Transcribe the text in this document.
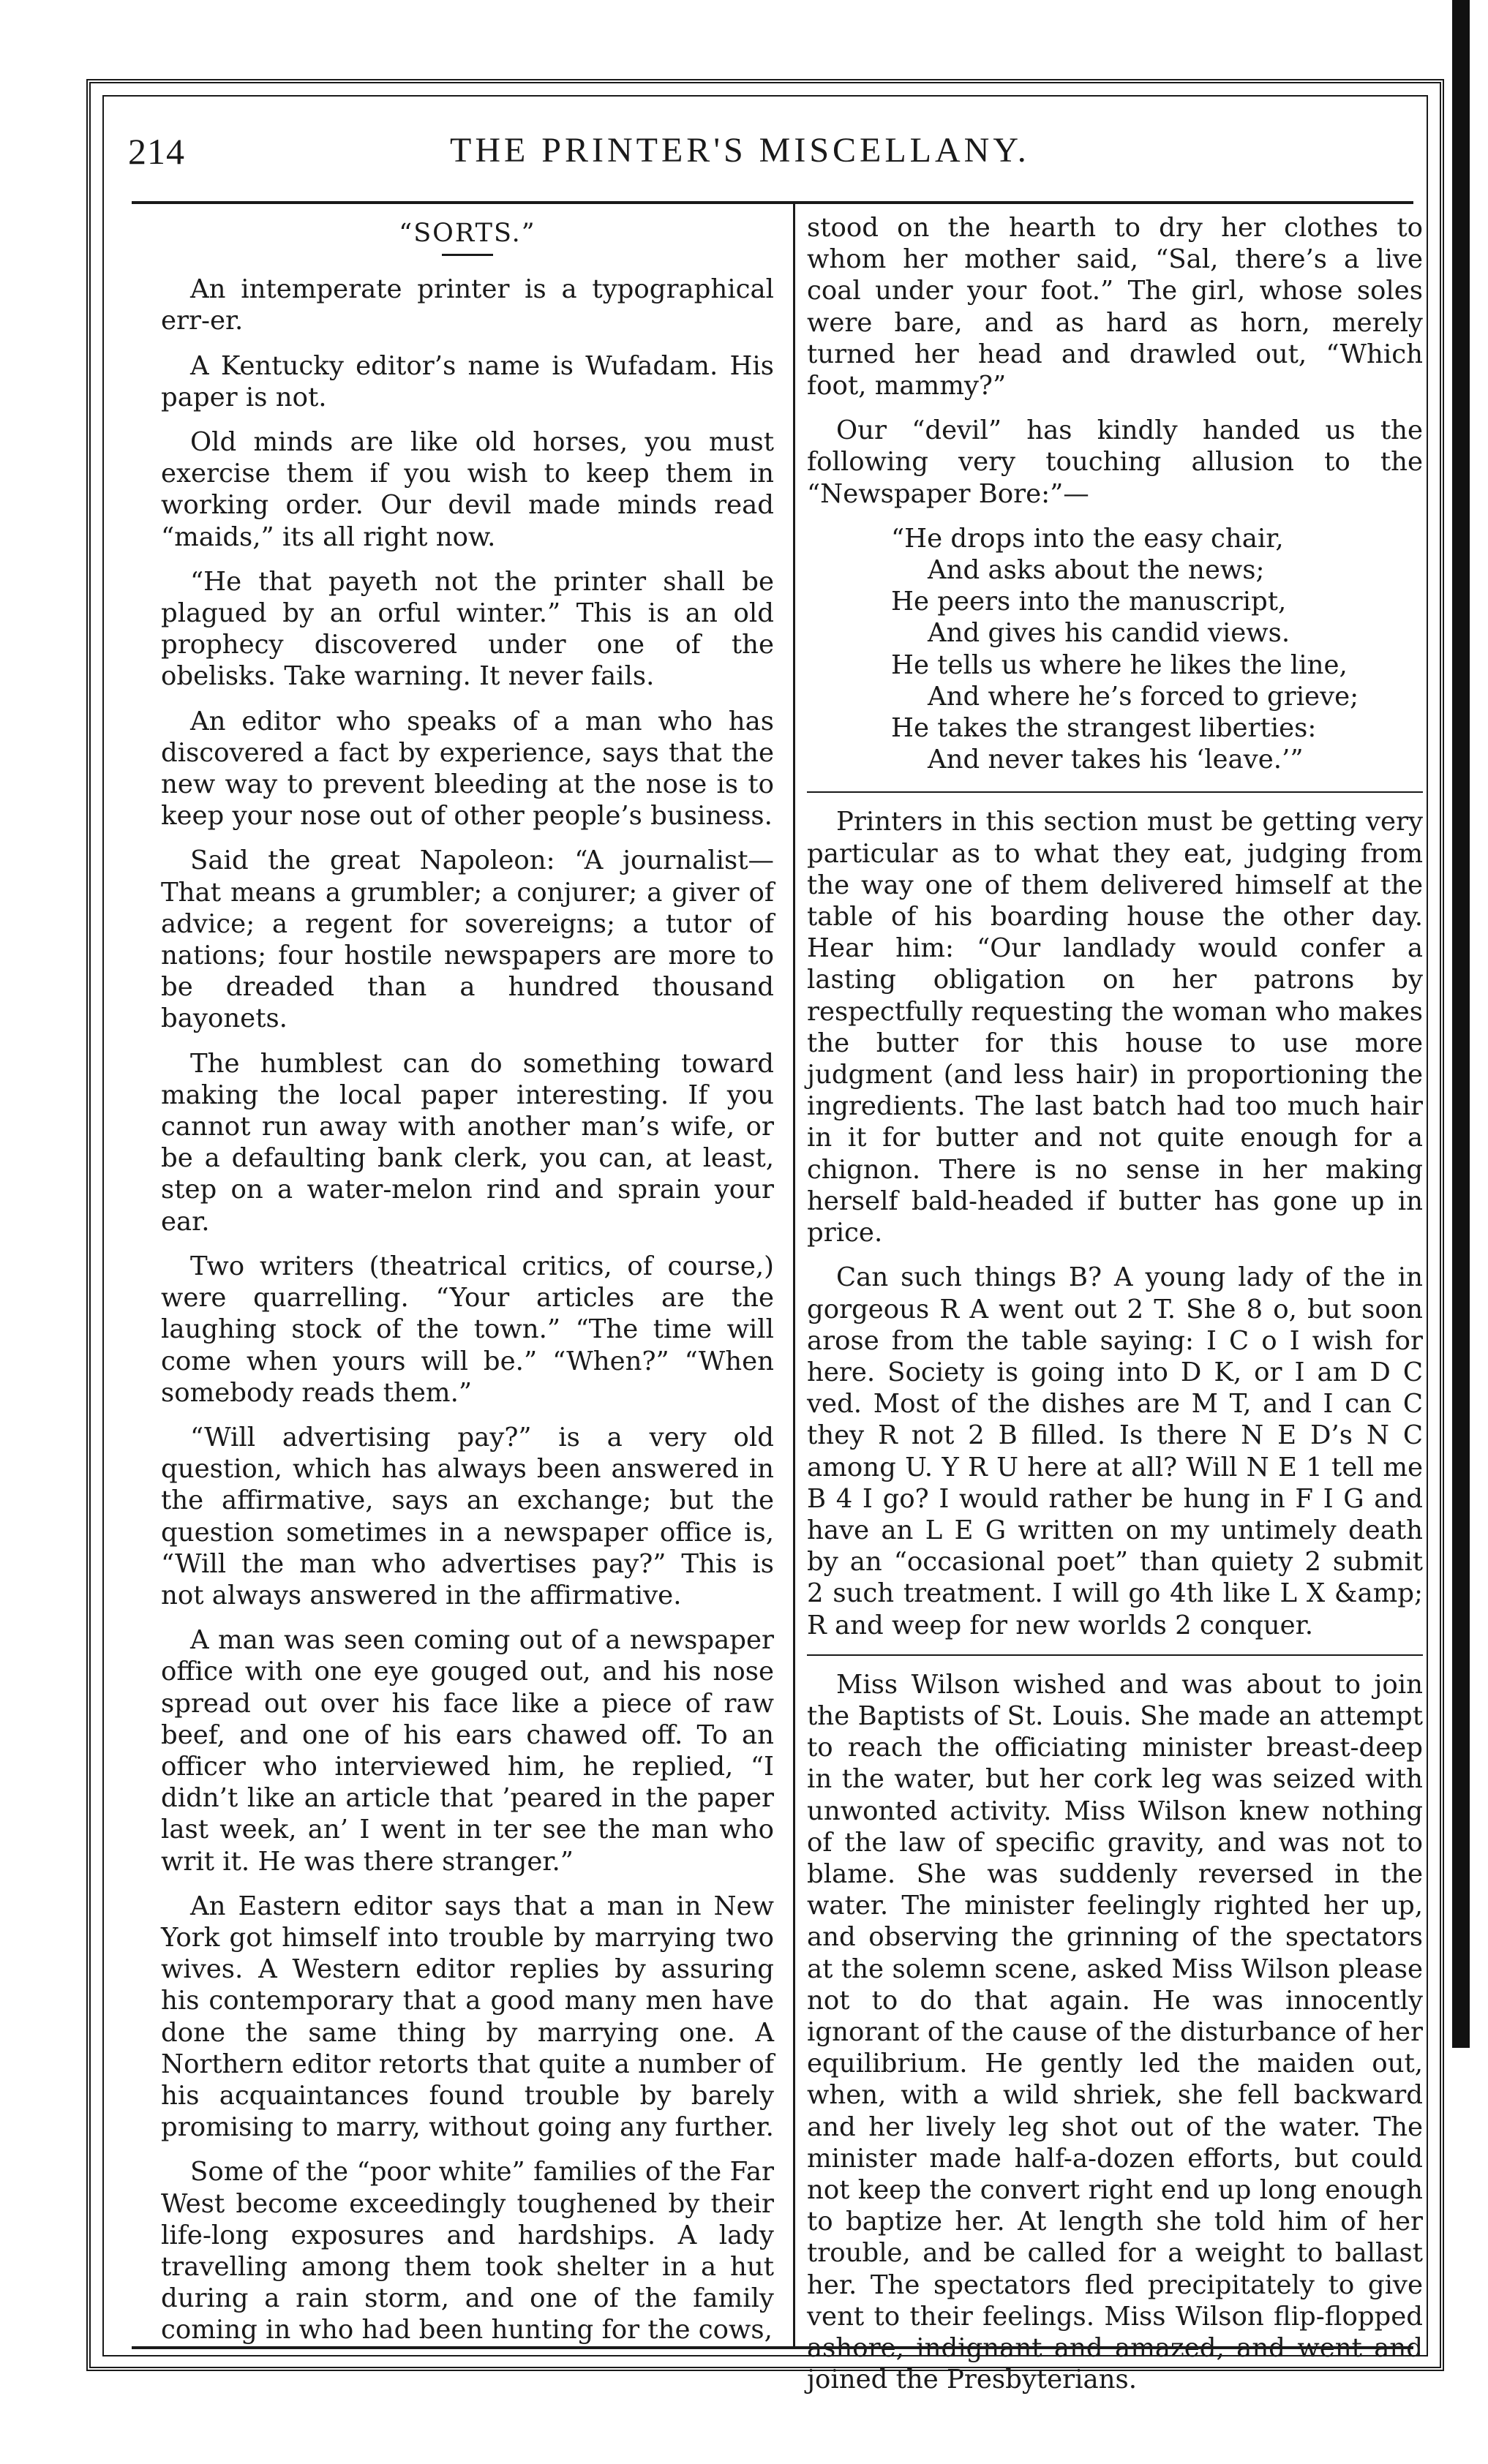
214	THE PRINTER'S MISCELLANY.
“SORTS.”

An intemperate printer is a typographical err-er.

A Kentucky editor’s name is Wufadam. His paper is not.

Old minds are like old horses, you must exercise them if you wish to keep them in working order. Our devil made minds read “maids,” its all right now.

“He that payeth not the printer shall be plagued by an orful winter.” This is an old prophecy discovered under one of the obelisks. Take warning. It never fails.

An editor who speaks of a man who has discovered a fact by experience, says that the new way to prevent bleeding at the nose is to keep your nose out of other people’s business.

Said the great Napoleon: “A journalist—That means a grumbler; a conjurer; a giver of advice; a regent for sovereigns; a tutor of nations; four hostile newspapers are more to be dreaded than a hundred thousand bayonets.

The humblest can do something toward making the local paper interesting. If you cannot run away with another man’s wife, or be a defaulting bank clerk, you can, at least, step on a water-melon rind and sprain your ear.

Two writers (theatrical critics, of course,) were quarrelling. “Your articles are the laughing stock of the town.” “The time will come when yours will be.” “When?” “When somebody reads them.”

“Will advertising pay?” is a very old question, which has always been answered in the affirmative, says an exchange; but the question sometimes in a newspaper office is, “Will the man who advertises pay?” This is not always answered in the affirmative.

A man was seen coming out of a newspaper office with one eye gouged out, and his nose spread out over his face like a piece of raw beef, and one of his ears chawed off. To an officer who interviewed him, he replied, “I didn’t like an article that ’peared in the paper last week, an’ I went in ter see the man who writ it. He was there stranger.”

An Eastern editor says that a man in New York got himself into trouble by marrying two wives. A Western editor replies by assuring his contemporary that a good many men have done the same thing by marrying one. A Northern editor retorts that quite a number of his acquaintances found trouble by barely promising to marry, without going any further.

Some of the “poor white” families of the Far West become exceedingly toughened by their life-long exposures and hardships. A lady travelling among them took shelter in a hut during a rain storm, and one of the family coming in who had been hunting for the cows,

stood on the hearth to dry her clothes to whom her mother said, “Sal, there’s a live coal under your foot.” The girl, whose soles were bare, and as hard as horn, merely turned her head and drawled out, “Which foot, mammy?”

Our “devil” has kindly handed us the following very touching allusion to the “Newspaper Bore:”—

“He drops into the easy chair,
And asks about the news;
He peers into the manuscript,
And gives his candid views.
He tells us where he likes the line,
And where he’s forced to grieve;
He takes the strangest liberties:
And never takes his ‘leave.’”

Printers in this section must be getting very particular as to what they eat, judging from the way one of them delivered himself at the table of his boarding house the other day. Hear him: “Our landlady would confer a lasting obligation on her patrons by respectfully requesting the woman who makes the butter for this house to use more judgment (and less hair) in proportioning the ingredients. The last batch had too much hair in it for butter and not quite enough for a chignon. There is no sense in her making herself bald-headed if butter has gone up in price.

Can such things B? A young lady of the in gorgeous R A went out 2 T. She 8 o, but soon arose from the table saying: I C o I wish for here. Society is going into D K, or I am D C ved. Most of the dishes are M T, and I can C they R not 2 B filled. Is there N E D’s N C among U. Y R U here at all? Will N E 1 tell me B 4 I go? I would rather be hung in F I G and have an L E G written on my untimely death by an “occasional poet” than quiety 2 submit 2 such treatment. I will go 4th like L X &amp; R and weep for new worlds 2 conquer.

Miss Wilson wished and was about to join the Baptists of St. Louis. She made an attempt to reach the officiating minister breast-deep in the water, but her cork leg was seized with unwonted activity. Miss Wilson knew nothing of the law of specific gravity, and was not to blame. She was suddenly reversed in the water. The minister feelingly righted her up, and observing the grinning of the spectators at the solemn scene, asked Miss Wilson please not to do that again. He was innocently ignorant of the cause of the disturbance of her equilibrium. He gently led the maiden out, when, with a wild shriek, she fell backward and her lively leg shot out of the water. The minister made half-a-dozen efforts, but could not keep the convert right end up long enough to baptize her. At length she told him of her trouble, and be called for a weight to ballast her. The spectators fled precipitately to give vent to their feelings. Miss Wilson flip-flopped ashore, indignant and amazed, and went and joined the Presbyterians.
